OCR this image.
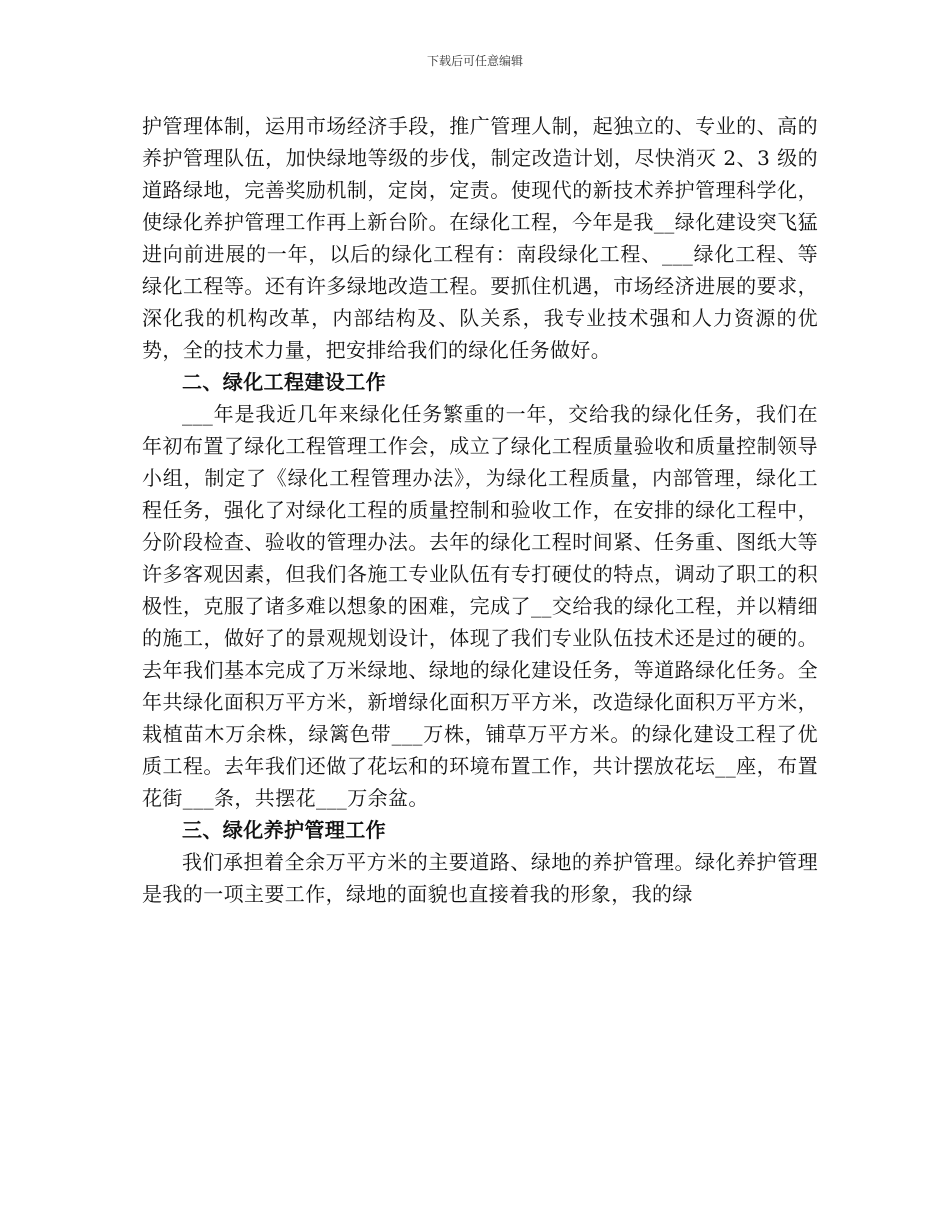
下载后可任意编辑

护管理体制，运用市场经济手段，推广管理人制，起独立的、专业的、高的养护管理队伍，加快绿地等级的步伐，制定改造计划，尽快消灭 2、3 级的道路绿地，完善奖励机制，定岗，定责。使现代的新技术养护管理科学化，使绿化养护管理工作再上新台阶。在绿化工程，今年是我__绿化建设突飞猛进向前进展的一年，以后的绿化工程有：南段绿化工程、___绿化工程、等绿化工程等。还有许多绿地改造工程。要抓住机遇，市场经济进展的要求，深化我的机构改革，内部结构及、队关系，我专业技术强和人力资源的优势，全的技术力量，把安排给我们的绿化任务做好。

二、绿化工程建设工作

___年是我近几年来绿化任务繁重的一年，交给我的绿化任务，我们在年初布置了绿化工程管理工作会，成立了绿化工程质量验收和质量控制领导小组，制定了《绿化工程管理办法》，为绿化工程质量，内部管理，绿化工程任务，强化了对绿化工程的质量控制和验收工作，在安排的绿化工程中，分阶段检查、验收的管理办法。去年的绿化工程时间紧、任务重、图纸大等许多客观因素，但我们各施工专业队伍有专打硬仗的特点，调动了职工的积极性，克服了诸多难以想象的困难，完成了__交给我的绿化工程，并以精细的施工，做好了的景观规划设计，体现了我们专业队伍技术还是过的硬的。去年我们基本完成了万米绿地、绿地的绿化建设任务，等道路绿化任务。全年共绿化面积万平方米，新增绿化面积万平方米，改造绿化面积万平方米，栽植苗木万余株，绿篱色带___万株，铺草万平方米。的绿化建设工程了优质工程。去年我们还做了花坛和的环境布置工作，共计摆放花坛__座，布置花街___条，共摆花___万余盆。

三、绿化养护管理工作

我们承担着全余万平方米的主要道路、绿地的养护管理。绿化养护管理是我的一项主要工作，绿地的面貌也直接着我的形象，我的绿
